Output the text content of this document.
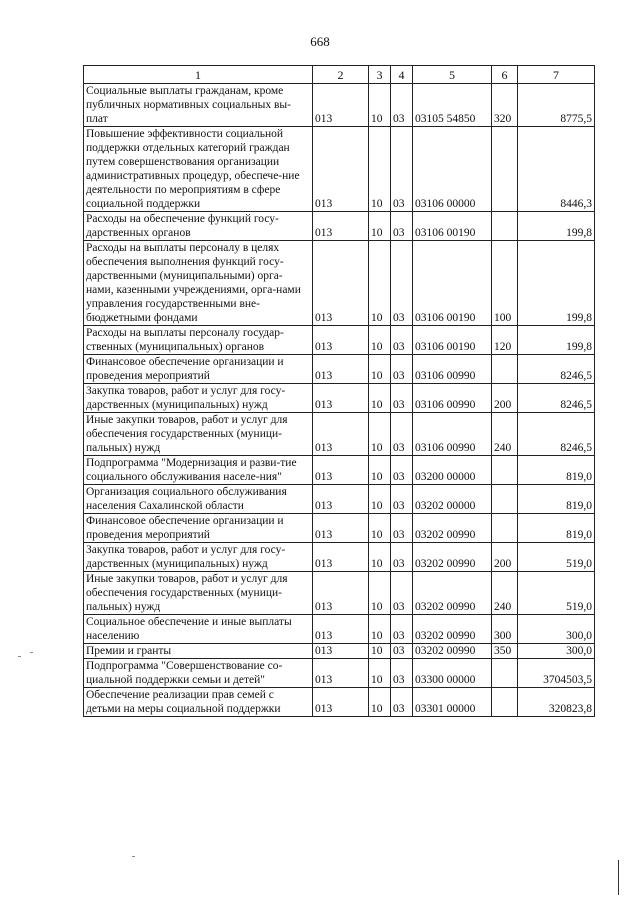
668
1	2	3	4	5	6	7
Социальные выплаты гражданам, кроме публичных нормативных социальных вы-плат	013	10	03	03105 54850	320	8775,5
Повышение эффективности социальной поддержки отдельных категорий граждан путем совершенствования организации административных процедур, обеспече-ние деятельности по мероприятиям в сфере социальной поддержки	013	10	03	03106 00000		8446,3
Расходы на обеспечение функций госу-дарственных органов	013	10	03	03106 00190		199,8
Расходы на выплаты персоналу в целях обеспечения выполнения функций госу-дарственными (муниципальными) орга-нами, казенными учреждениями, орга-нами управления государственными вне-бюджетными фондами	013	10	03	03106 00190	100	199,8
Расходы на выплаты персоналу государ-ственных (муниципальных) органов	013	10	03	03106 00190	120	199,8
Финансовое обеспечение организации и проведения мероприятий	013	10	03	03106 00990		8246,5
Закупка товаров, работ и услуг для госу-дарственных (муниципальных) нужд	013	10	03	03106 00990	200	8246,5
Иные закупки товаров, работ и услуг для обеспечения государственных (муници-пальных) нужд	013	10	03	03106 00990	240	8246,5
Подпрограмма "Модернизация и разви-тие социального обслуживания населе-ния"	013	10	03	03200 00000		819,0
Организация социального обслуживания населения Сахалинской области	013	10	03	03202 00000		819,0
Финансовое обеспечение организации и проведения мероприятий	013	10	03	03202 00990		819,0
Закупка товаров, работ и услуг для госу-дарственных (муниципальных) нужд	013	10	03	03202 00990	200	519,0
Иные закупки товаров, работ и услуг для обеспечения государственных (муници-пальных) нужд	013	10	03	03202 00990	240	519,0
Социальное обеспечение и иные выплаты населению	013	10	03	03202 00990	300	300,0
Премии и гранты	013	10	03	03202 00990	350	300,0
Подпрограмма "Совершенствование со-циальной поддержки семьи и детей"	013	10	03	03300 00000		3704503,5
Обеспечение реализации прав семей с детьми на меры социальной поддержки	013	10	03	03301 00000		320823,8
